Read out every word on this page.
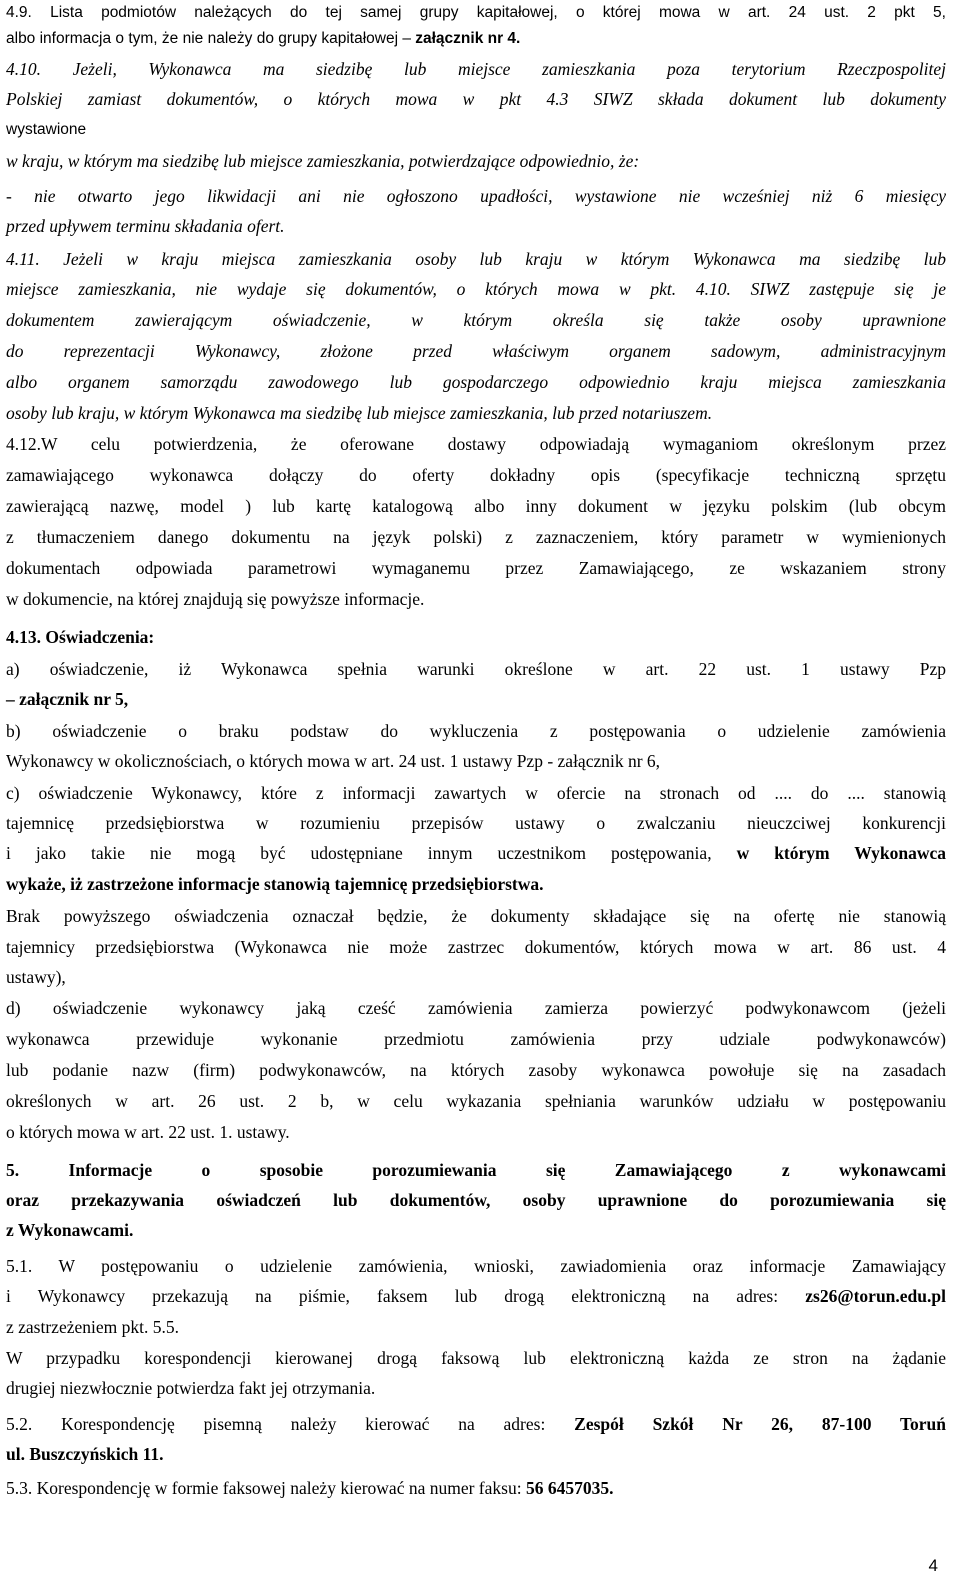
4.9. Lista podmiotów należących do tej samej grupy kapitałowej, o której mowa w art. 24 ust. 2 pkt 5,
albo informacja o tym, że nie należy do grupy kapitałowej – załącznik nr 4.
4.10. Jeżeli, Wykonawca ma siedzibę lub miejsce zamieszkania poza terytorium Rzeczpospolitej
Polskiej zamiast dokumentów, o których mowa w pkt 4.3 SIWZ składa dokument lub dokumenty
wystawione
w kraju, w którym ma siedzibę lub miejsce zamieszkania, potwierdzające odpowiednio, że:
- nie otwarto jego likwidacji ani nie ogłoszono upadłości, wystawione nie wcześniej niż 6 miesięcy
przed upływem terminu składania ofert.
4.11. Jeżeli w kraju miejsca zamieszkania osoby lub kraju w którym Wykonawca ma siedzibę lub
miejsce zamieszkania, nie wydaje się dokumentów, o których mowa w pkt. 4.10. SIWZ zastępuje się je
dokumentem zawierającym oświadczenie, w którym określa się także osoby uprawnione
do reprezentacji Wykonawcy, złożone przed właściwym organem sadowym, administracyjnym
albo organem samorządu zawodowego lub gospodarczego odpowiednio kraju miejsca zamieszkania
osoby lub kraju, w którym Wykonawca ma siedzibę lub miejsce zamieszkania, lub przed notariuszem.
4.12.W celu potwierdzenia, że oferowane dostawy odpowiadają wymaganiom określonym przez
zamawiającego wykonawca dołączy do oferty dokładny opis (specyfikacje techniczną sprzętu
zawierającą nazwę, model ) lub kartę katalogową albo inny dokument w języku polskim (lub obcym
z tłumaczeniem danego dokumentu na język polski) z zaznaczeniem, który parametr w wymienionych
dokumentach odpowiada parametrowi wymaganemu przez Zamawiającego, ze wskazaniem strony
w dokumencie, na której znajdują się powyższe informacje.
4.13. Oświadczenia:
a) oświadczenie, iż Wykonawca spełnia warunki określone w art. 22 ust. 1 ustawy Pzp
– załącznik nr 5,
b) oświadczenie o braku podstaw do wykluczenia z postępowania o udzielenie zamówienia
Wykonawcy w okolicznościach, o których mowa w art. 24 ust. 1 ustawy Pzp - załącznik nr 6,
c) oświadczenie Wykonawcy, które z informacji zawartych w ofercie na stronach od .... do .... stanowią
tajemnicę przedsiębiorstwa w rozumieniu przepisów ustawy o zwalczaniu nieuczciwej konkurencji
i jako takie nie mogą być udostępniane innym uczestnikom postępowania, w którym Wykonawca
wykaże, iż zastrzeżone informacje stanowią tajemnicę przedsiębiorstwa.
Brak powyższego oświadczenia oznaczał będzie, że dokumenty składające się na ofertę nie stanowią
tajemnicy przedsiębiorstwa (Wykonawca nie może zastrzec dokumentów, których mowa w art. 86 ust. 4
ustawy),
d) oświadczenie wykonawcy jaką cześć zamówienia zamierza powierzyć podwykonawcom (jeżeli
wykonawca przewiduje wykonanie przedmiotu zamówienia przy udziale podwykonawców)
lub podanie nazw (firm) podwykonawców, na których zasoby wykonawca powołuje się na zasadach
określonych w art. 26 ust. 2 b, w celu wykazania spełniania warunków udziału w postępowaniu
o których mowa w art. 22 ust. 1. ustawy.
5. Informacje o sposobie porozumiewania się Zamawiającego z wykonawcami
oraz przekazywania oświadczeń lub dokumentów, osoby uprawnione do porozumiewania się
z Wykonawcami.
5.1. W postępowaniu o udzielenie zamówienia, wnioski, zawiadomienia oraz informacje Zamawiający
i Wykonawcy przekazują na piśmie, faksem lub drogą elektroniczną na adres: zs26@torun.edu.pl
z zastrzeżeniem pkt. 5.5.
W przypadku korespondencji kierowanej drogą faksową lub elektroniczną każda ze stron na żądanie
drugiej niezwłocznie potwierdza fakt jej otrzymania.
5.2. Korespondencję pisemną należy kierować na adres: Zespół Szkół Nr 26, 87-100 Toruń
ul. Buszczyńskich 11.
5.3. Korespondencję w formie faksowej należy kierować na numer faksu: 56 6457035.
4
